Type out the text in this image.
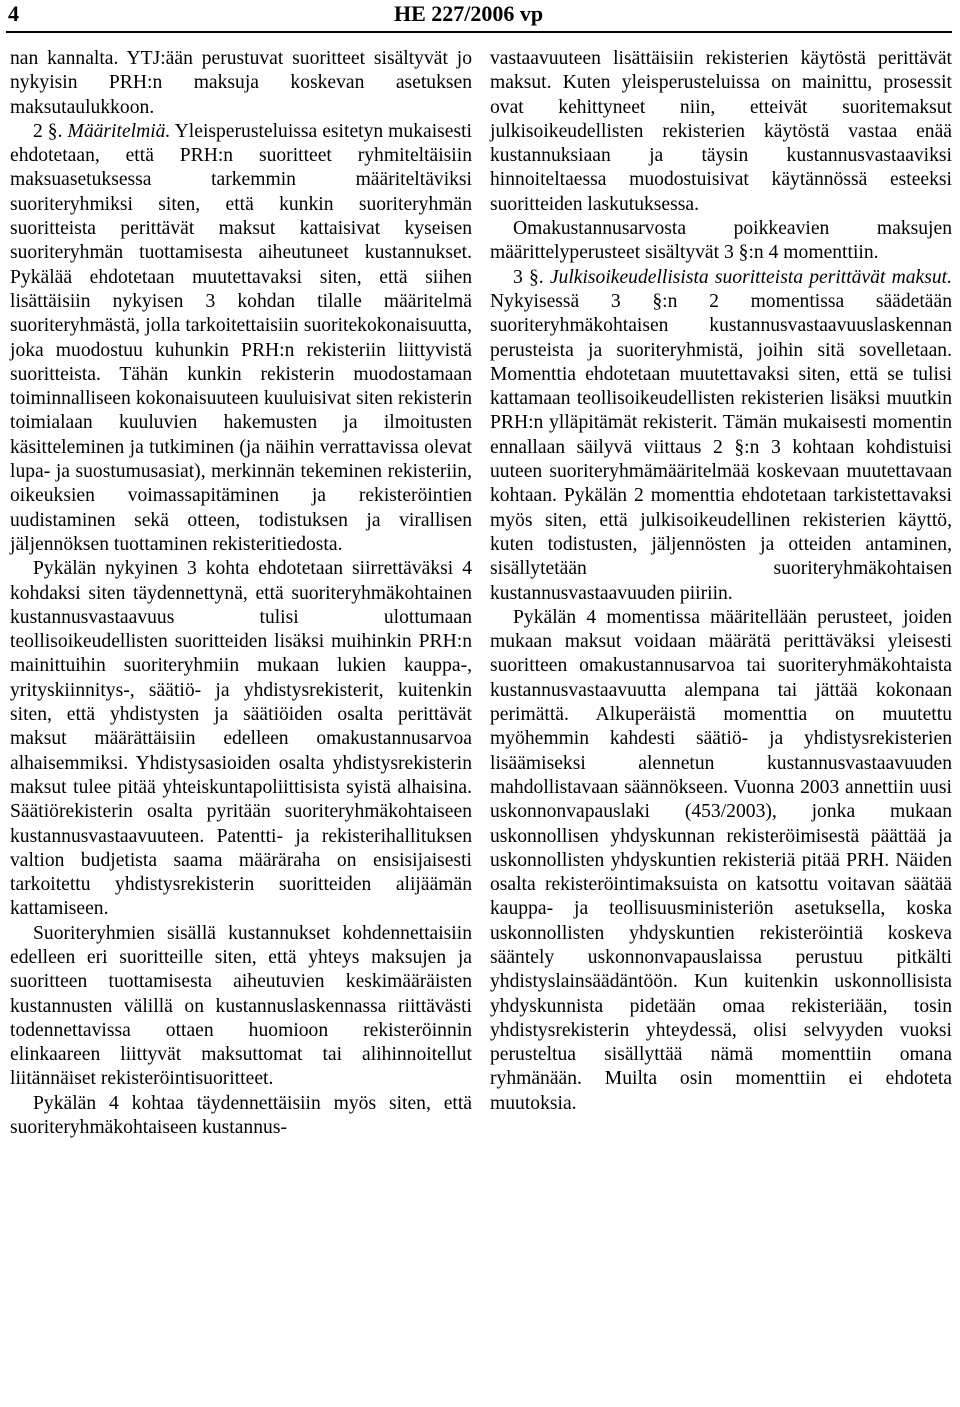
4	HE 227/2006 vp

nan kannalta. YTJ:ään perustuvat suoritteet sisältyvät jo nykyisin PRH:n maksuja koskevan asetuksen maksutaulukkoon.

2 §. Määritelmiä. Yleisperusteluissa esitetyn mukaisesti ehdotetaan, että PRH:n suoritteet ryhmiteltäisiin maksuasetuksessa tarkemmin määriteltäviksi suoriteryhmiksi siten, että kunkin suoriteryhmän suoritteista perittävät maksut kattaisivat kyseisen suoriteryhmän tuottamisesta aiheutuneet kustannukset. Pykälää ehdotetaan muutettavaksi siten, että siihen lisättäisiin nykyisen 3 kohdan tilalle määritelmä suoriteryhmästä, jolla tarkoitettaisiin suoritekokonaisuutta, joka muodostuu kuhunkin PRH:n rekisteriin liittyvistä suoritteista. Tähän kunkin rekisterin muodostamaan toiminnalliseen kokonaisuuteen kuuluisivat siten rekisterin toimialaan kuuluvien hakemusten ja ilmoitusten käsitteleminen ja tutkiminen (ja näihin verrattavissa olevat lupa- ja suostumusasiat), merkinnän tekeminen rekisteriin, oikeuksien voimassapitäminen ja rekisteröintien uudistaminen sekä otteen, todistuksen ja virallisen jäljennöksen tuottaminen rekisteritiedosta.

Pykälän nykyinen 3 kohta ehdotetaan siirrettäväksi 4 kohdaksi siten täydennettynä, että suoriteryhmäkohtainen kustannusvastaavuus tulisi ulottumaan teollisoikeudellisten suoritteiden lisäksi muihinkin PRH:n mainittuihin suoriteryhmiin mukaan lukien kauppa-, yrityskiinnitys-, säätiö- ja yhdistysrekisterit, kuitenkin siten, että yhdistysten ja säätiöiden osalta perittävät maksut määrättäisiin edelleen omakustannusarvoa alhaisemmiksi. Yhdistysasioiden osalta yhdistysrekisterin maksut tulee pitää yhteiskuntapoliittisista syistä alhaisina. Säätiörekisterin osalta pyritään suoriteryhmäkohtaiseen kustannusvastaavuuteen. Patentti- ja rekisterihallituksen valtion budjetista saama määräraha on ensisijaisesti tarkoitettu yhdistysrekisterin suoritteiden alijäämän kattamiseen.

Suoriteryhmien sisällä kustannukset kohdennettaisiin edelleen eri suoritteille siten, että yhteys maksujen ja suoritteen tuottamisesta aiheutuvien keskimääräisten kustannusten välillä on kustannuslaskennassa riittävästi todennettavissa ottaen huomioon rekisteröinnin elinkaareen liittyvät maksuttomat tai alihinnoitellut liitännäiset rekisteröintisuoritteet.

Pykälän 4 kohtaa täydennettäisiin myös siten, että suoriteryhmäkohtaiseen kustannus-

vastaavuuteen lisättäisiin rekisterien käytöstä perittävät maksut. Kuten yleisperusteluissa on mainittu, prosessit ovat kehittyneet niin, etteivät suoritemaksut julkisoikeudellisten rekisterien käytöstä vastaa enää kustannuksiaan ja täysin kustannusvastaaviksi hinnoiteltaessa muodostuisivat käytännössä esteeksi suoritteiden laskutuksessa.

Omakustannusarvosta poikkeavien maksujen määrittelyperusteet sisältyvät 3 §:n 4 momenttiin.

3 §. Julkisoikeudellisista suoritteista perittävät maksut. Nykyisessä 3 §:n 2 momentissa säädetään suoriteryhmäkohtaisen kustannusvastaavuuslaskennan perusteista ja suoriteryhmistä, joihin sitä sovelletaan. Momenttia ehdotetaan muutettavaksi siten, että se tulisi kattamaan teollisoikeudellisten rekisterien lisäksi muutkin PRH:n ylläpitämät rekisterit. Tämän mukaisesti momentin ennallaan säilyvä viittaus 2 §:n 3 kohtaan kohdistuisi uuteen suoriteryhmämääritelmää koskevaan muutettavaan kohtaan. Pykälän 2 momenttia ehdotetaan tarkistettavaksi myös siten, että julkisoikeudellinen rekisterien käyttö, kuten todistusten, jäljennösten ja otteiden antaminen, sisällytetään suoriteryhmäkohtaisen kustannusvastaavuuden piiriin.

Pykälän 4 momentissa määritellään perusteet, joiden mukaan maksut voidaan määrätä perittäväksi yleisesti suoritteen omakustannusarvoa tai suoriteryhmäkohtaista kustannusvastaavuutta alempana tai jättää kokonaan perimättä. Alkuperäistä momenttia on muutettu myöhemmin kahdesti säätiö- ja yhdistysrekisterien lisäämiseksi alennetun kustannusvastaavuuden mahdollistavaan säännökseen. Vuonna 2003 annettiin uusi uskonnonvapauslaki (453/2003), jonka mukaan uskonnollisen yhdyskunnan rekisteröimisestä päättää ja uskonnollisten yhdyskuntien rekisteriä pitää PRH. Näiden osalta rekisteröintimaksuista on katsottu voitavan säätää kauppa- ja teollisuusministeriön asetuksella, koska uskonnollisten yhdyskuntien rekisteröintiä koskeva sääntely uskonnonvapauslaissa perustuu pitkälti yhdistyslainsäädäntöön. Kun kuitenkin uskonnollisista yhdyskunnista pidetään omaa rekisteriään, tosin yhdistysrekisterin yhteydessä, olisi selvyyden vuoksi perusteltua sisällyttää nämä momenttiin omana ryhmänään. Muilta osin momenttiin ei ehdoteta muutoksia.
